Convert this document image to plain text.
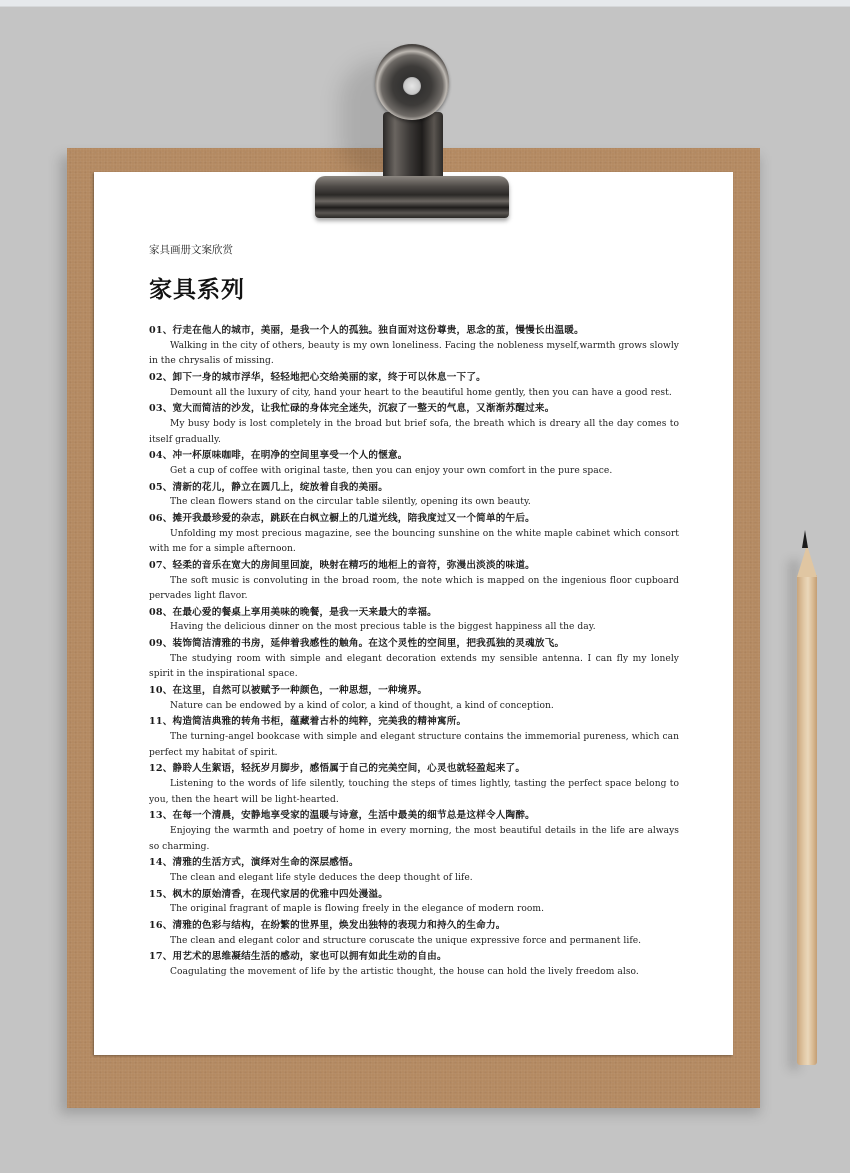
家具画册文案欣赏

家具系列
01、行走在他人的城市，美丽，是我一个人的孤独。独自面对这份尊贵，思念的茧，慢慢长出温暖。
Walking in the city of others, beauty is my own loneliness. Facing the nobleness myself,warmth grows slowly in the chrysalis of missing.
02、卸下一身的城市浮华，轻轻地把心交给美丽的家，终于可以休息一下了。
Demount all the luxury of city, hand your heart to the beautiful home gently, then you can have a good rest.
03、宽大而简洁的沙发，让我忙碌的身体完全迷失，沉寂了一整天的气息，又渐渐苏醒过来。
My busy body is lost completely in the broad but brief sofa, the breath which is dreary all the day comes to itself gradually.
04、冲一杯原味咖啡，在明净的空间里享受一个人的惬意。
Get a cup of coffee with original taste, then you can enjoy your own comfort in the pure space.
05、清新的花儿，静立在圆几上，绽放着自我的美丽。
The clean flowers stand on the circular table silently, opening its own beauty.
06、摊开我最珍爱的杂志，跳跃在白枫立橱上的几道光线，陪我度过又一个简单的午后。
Unfolding my most precious magazine, see the bouncing sunshine on the white maple cabinet which consort with me for a simple afternoon.
07、轻柔的音乐在宽大的房间里回旋，映射在精巧的地柜上的音符，弥漫出淡淡的味道。
The soft music is convoluting in the broad room, the note which is mapped on the ingenious floor cupboard pervades light flavor.
08、在最心爱的餐桌上享用美味的晚餐，是我一天来最大的幸福。
Having the delicious dinner on the most precious table is the biggest happiness all the day.
09、装饰简洁清雅的书房，延伸着我感性的触角。在这个灵性的空间里，把我孤独的灵魂放飞。
The studying room with simple and elegant decoration extends my sensible antenna. I can fly my lonely spirit in the inspirational space.
10、在这里，自然可以被赋予一种颜色，一种思想，一种境界。
Nature can be endowed by a kind of color, a kind of thought, a kind of conception.
11、构造简洁典雅的转角书柜，蕴藏着古朴的纯粹，完美我的精神寓所。
The turning-angel bookcase with simple and elegant structure contains the immemorial pureness, which can perfect my habitat of spirit.
12、静聆人生絮语，轻抚岁月脚步，感悟属于自己的完美空间，心灵也就轻盈起来了。
Listening to the words of life silently, touching the steps of times lightly, tasting the perfect space belong to you, then the heart will be light-hearted.
13、在每一个清晨，安静地享受家的温暖与诗意，生活中最美的细节总是这样令人陶醉。
Enjoying the warmth and poetry of home in every morning, the most beautiful details in the life are always so charming.
14、清雅的生活方式，演绎对生命的深层感悟。
The clean and elegant life style deduces the deep thought of life.
15、枫木的原始清香，在现代家居的优雅中四处漫溢。
The original fragrant of maple is flowing freely in the elegance of modern room.
16、清雅的色彩与结构，在纷繁的世界里，焕发出独特的表现力和持久的生命力。
The clean and elegant color and structure coruscate the unique expressive force and permanent life.
17、用艺术的思维凝结生活的感动，家也可以拥有如此生动的自由。
Coagulating the movement of life by the artistic thought, the house can hold the lively freedom also.
